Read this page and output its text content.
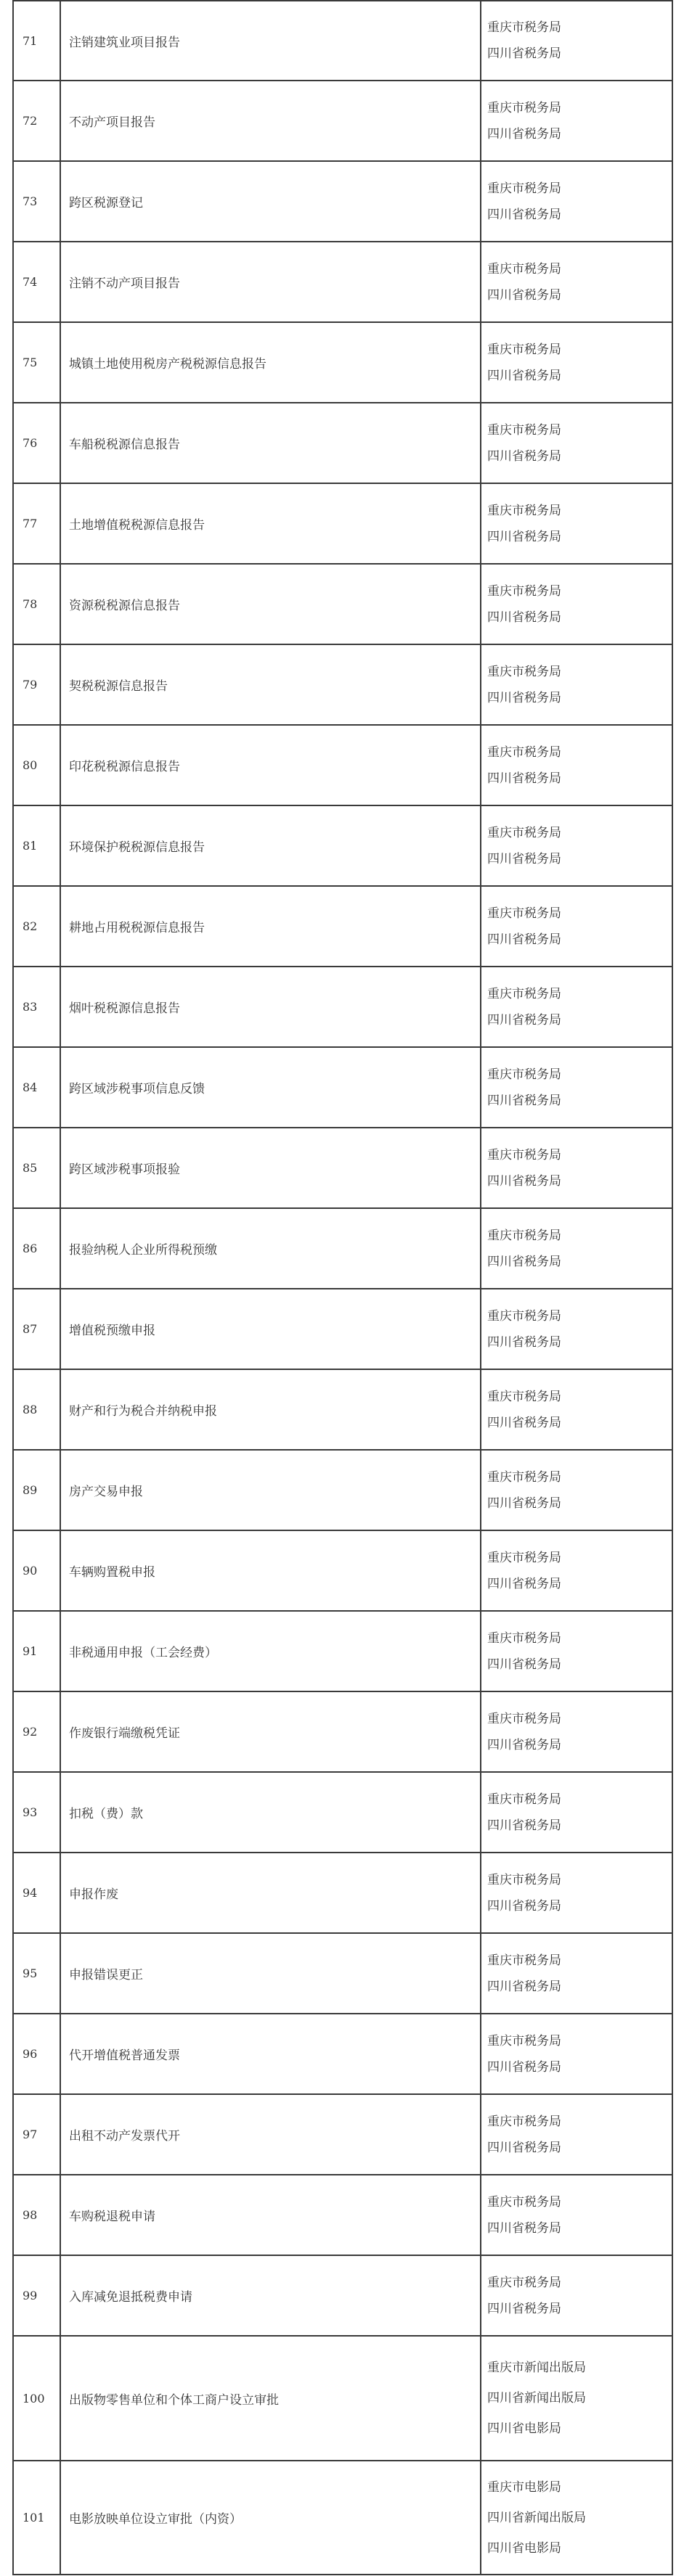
71	注销建筑业项目报告	重庆市税务局
四川省税务局

72	不动产项目报告	重庆市税务局
四川省税务局

73	跨区税源登记	重庆市税务局
四川省税务局

74	注销不动产项目报告	重庆市税务局
四川省税务局

75	城镇土地使用税房产税税源信息报告	重庆市税务局
四川省税务局

76	车船税税源信息报告	重庆市税务局
四川省税务局

77	土地增值税税源信息报告	重庆市税务局
四川省税务局

78	资源税税源信息报告	重庆市税务局
四川省税务局

79	契税税源信息报告	重庆市税务局
四川省税务局

80	印花税税源信息报告	重庆市税务局
四川省税务局

81	环境保护税税源信息报告	重庆市税务局
四川省税务局

82	耕地占用税税源信息报告	重庆市税务局
四川省税务局

83	烟叶税税源信息报告	重庆市税务局
四川省税务局

84	跨区域涉税事项信息反馈	重庆市税务局
四川省税务局

85	跨区域涉税事项报验	重庆市税务局
四川省税务局

86	报验纳税人企业所得税预缴	重庆市税务局
四川省税务局

87	增值税预缴申报	重庆市税务局
四川省税务局

88	财产和行为税合并纳税申报	重庆市税务局
四川省税务局

89	房产交易申报	重庆市税务局
四川省税务局

90	车辆购置税申报	重庆市税务局
四川省税务局

91	非税通用申报（工会经费）	重庆市税务局
四川省税务局

92	作废银行端缴税凭证	重庆市税务局
四川省税务局

93	扣税（费）款	重庆市税务局
四川省税务局

94	申报作废	重庆市税务局
四川省税务局

95	申报错误更正	重庆市税务局
四川省税务局

96	代开增值税普通发票	重庆市税务局
四川省税务局

97	出租不动产发票代开	重庆市税务局
四川省税务局

98	车购税退税申请	重庆市税务局
四川省税务局

99	入库减免退抵税费申请	重庆市税务局
四川省税务局

100	出版物零售单位和个体工商户设立审批	重庆市新闻出版局
四川省新闻出版局
四川省电影局

101	电影放映单位设立审批（内资）	重庆市电影局
四川省新闻出版局
四川省电影局
